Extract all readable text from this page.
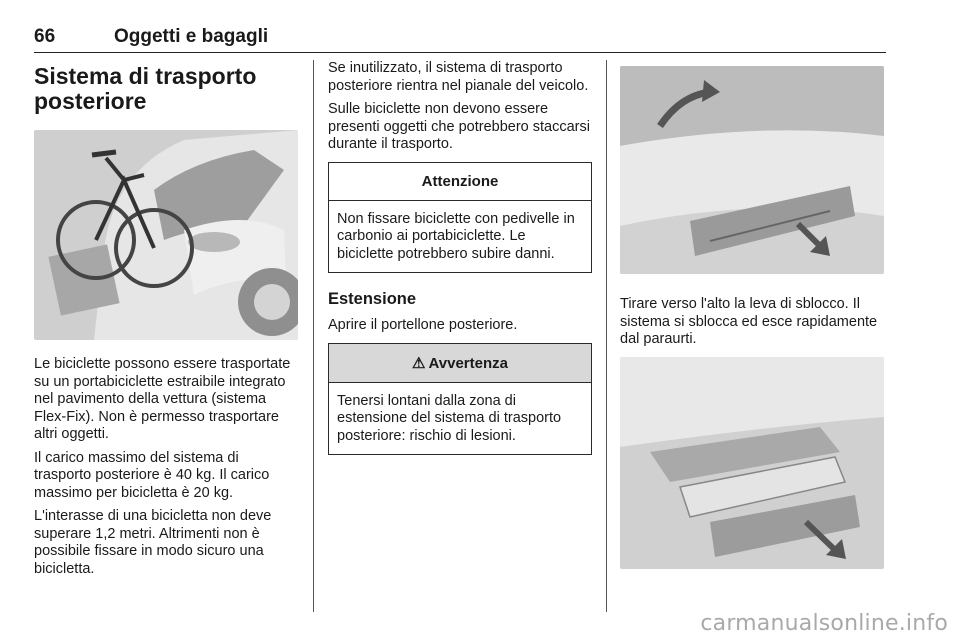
66	Oggetti e bagagli
Sistema di trasporto posteriore

Le biciclette possono essere trasportate su un portabiciclette estraibile integrato nel pavimento della vettura (sistema Flex-Fix). Non è permesso trasportare altri oggetti.

Il carico massimo del sistema di trasporto posteriore è 40 kg. Il carico massimo per bicicletta è 20 kg.

L'interasse di una bicicletta non deve superare 1,2 metri. Altrimenti non è possibile fissare in modo sicuro una bicicletta.

Se inutilizzato, il sistema di trasporto posteriore rientra nel pianale del veicolo.

Sulle biciclette non devono essere presenti oggetti che potrebbero staccarsi durante il trasporto.

Attenzione
Non fissare biciclette con pedivelle in carbonio ai portabiciclette. Le biciclette potrebbero subire danni.
Estensione

Aprire il portellone posteriore.

⚠ Avvertenza
Tenersi lontani dalla zona di estensione del sistema di trasporto posteriore: rischio di lesioni.

Tirare verso l'alto la leva di sblocco. Il sistema si sblocca ed esce rapidamente dal paraurti.

carmanualsonline.info
